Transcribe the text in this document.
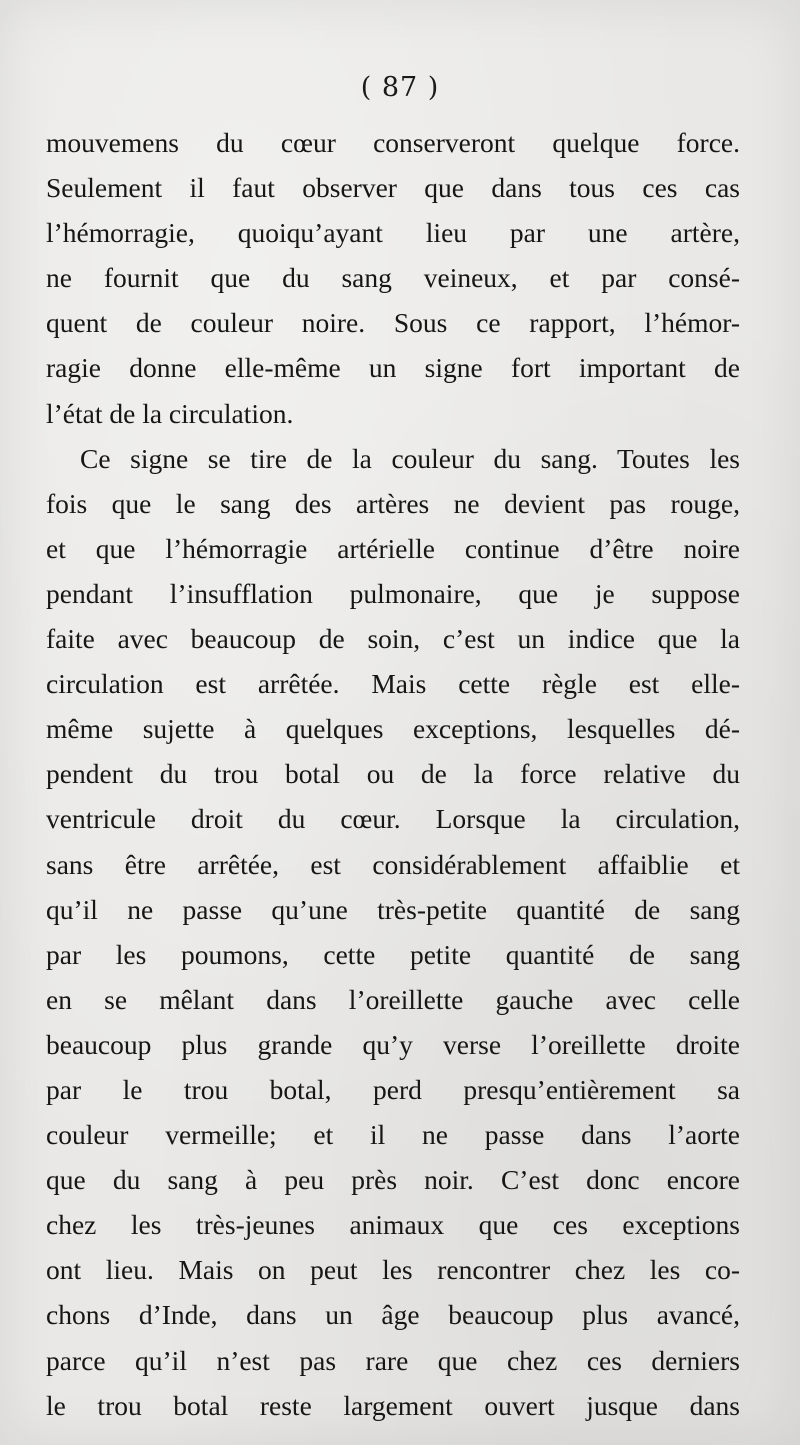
( 87 )
mouvemens du cœur conserveront quelque force.
Seulement il faut observer que dans tous ces cas
l’hémorragie, quoiqu’ayant lieu par une artère,
ne fournit que du sang veineux, et par consé-
quent de couleur noire. Sous ce rapport, l’hémor-
ragie donne elle-même un signe fort important de
l’état de la circulation.
Ce signe se tire de la couleur du sang. Toutes les
fois que le sang des artères ne devient pas rouge,
et que l’hémorragie artérielle continue d’être noire
pendant l’insufflation pulmonaire, que je suppose
faite avec beaucoup de soin, c’est un indice que la
circulation est arrêtée. Mais cette règle est elle-
même sujette à quelques exceptions, lesquelles dé-
pendent du trou botal ou de la force relative du
ventricule droit du cœur. Lorsque la circulation,
sans être arrêtée, est considérablement affaiblie et
qu’il ne passe qu’une très-petite quantité de sang
par les poumons, cette petite quantité de sang
en se mêlant dans l’oreillette gauche avec celle
beaucoup plus grande qu’y verse l’oreillette droite
par le trou botal, perd presqu’entièrement sa
couleur vermeille; et il ne passe dans l’aorte
que du sang à peu près noir. C’est donc encore
chez les très-jeunes animaux que ces exceptions
ont lieu. Mais on peut les rencontrer chez les co-
chons d’Inde, dans un âge beaucoup plus avancé,
parce qu’il n’est pas rare que chez ces derniers
le trou botal reste largement ouvert jusque dans
